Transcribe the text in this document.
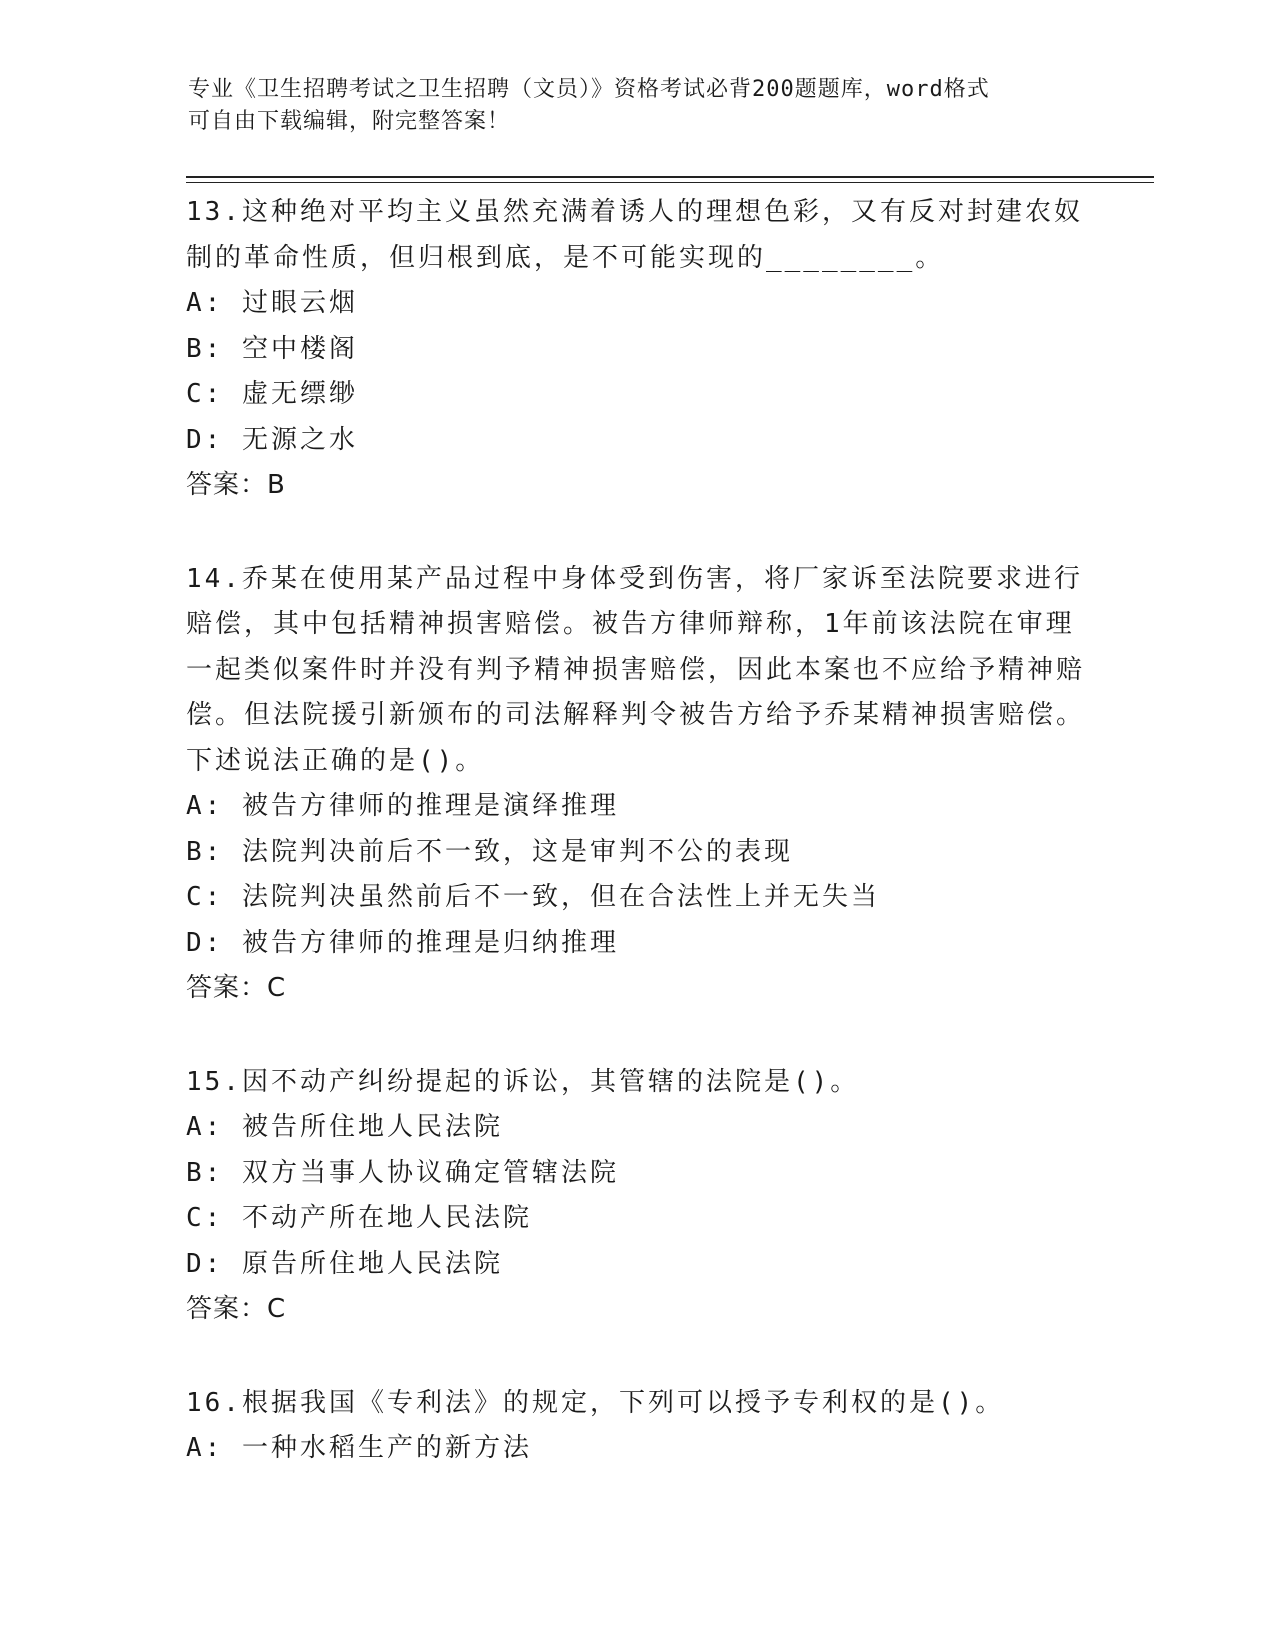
专业《卫生招聘考试之卫生招聘（文员）》资格考试必背200题题库，word格式
可自由下载编辑，附完整答案！

13.这种绝对平均主义虽然充满着诱人的理想色彩，又有反对封建农奴制的革命性质，但归根到底，是不可能实现的________。

A: 过眼云烟

B: 空中楼阁

C: 虚无缥缈

D: 无源之水

答案：B

14.乔某在使用某产品过程中身体受到伤害，将厂家诉至法院要求进行赔偿，其中包括精神损害赔偿。被告方律师辩称，1年前该法院在审理一起类似案件时并没有判予精神损害赔偿，因此本案也不应给予精神赔偿。但法院援引新颁布的司法解释判令被告方给予乔某精神损害赔偿。下述说法正确的是()。

A: 被告方律师的推理是演绎推理

B: 法院判决前后不一致，这是审判不公的表现

C: 法院判决虽然前后不一致，但在合法性上并无失当

D: 被告方律师的推理是归纳推理

答案：C

15.因不动产纠纷提起的诉讼，其管辖的法院是()。

A: 被告所住地人民法院

B: 双方当事人协议确定管辖法院

C: 不动产所在地人民法院

D: 原告所住地人民法院

答案：C

16.根据我国《专利法》的规定，下列可以授予专利权的是()。

A: 一种水稻生产的新方法
